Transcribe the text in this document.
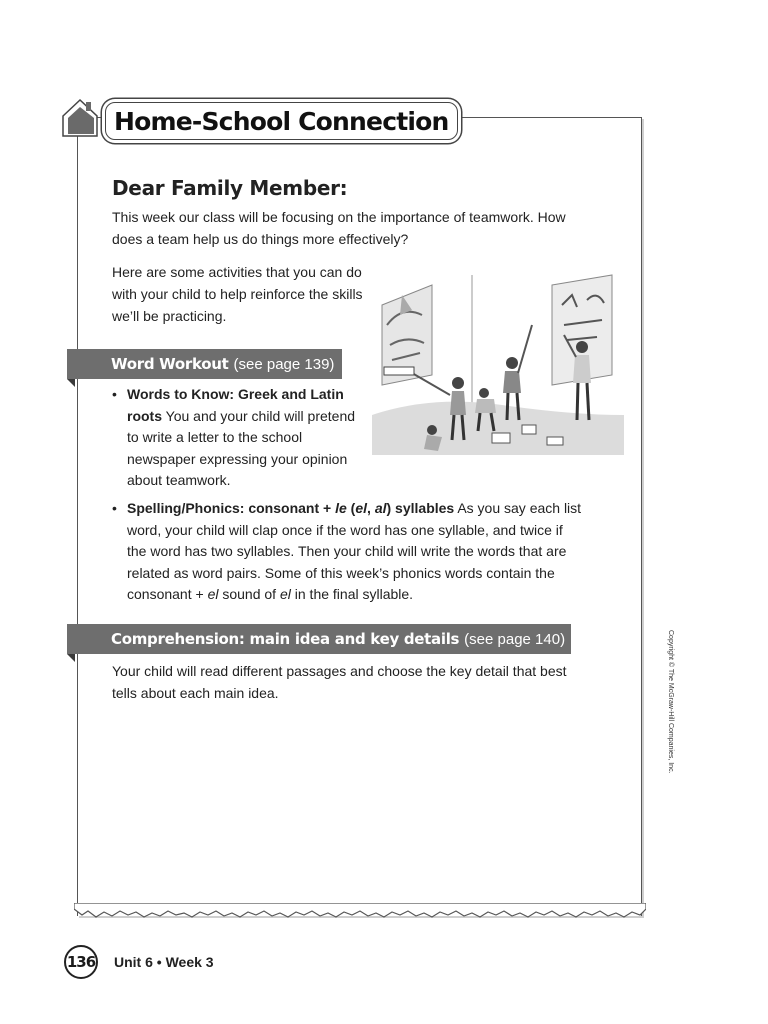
Home-School Connection
Dear Family Member:
This week our class will be focusing on the importance of teamwork. How does a team help us do things more effectively?
Here are some activities that you can do with your child to help reinforce the skills we’ll be practicing.
Word Workout (see page 139)
• Words to Know: Greek and Latin roots You and your child will pretend to write a letter to the school newspaper expressing your opinion about teamwork.
• Spelling/Phonics: consonant + le (el, al) syllables As you say each list word, your child will clap once if the word has one syllable, and twice if the word has two syllables. Then your child will write the words that are related as word pairs. Some of this week’s phonics words contain the consonant + el sound of el in the final syllable.
Comprehension: main idea and key details (see page 140)
Your child will read different passages and choose the key detail that best tells about each main idea.	Copyright © The McGraw-Hill Companies, Inc.
136 Unit 6 • Week 3
